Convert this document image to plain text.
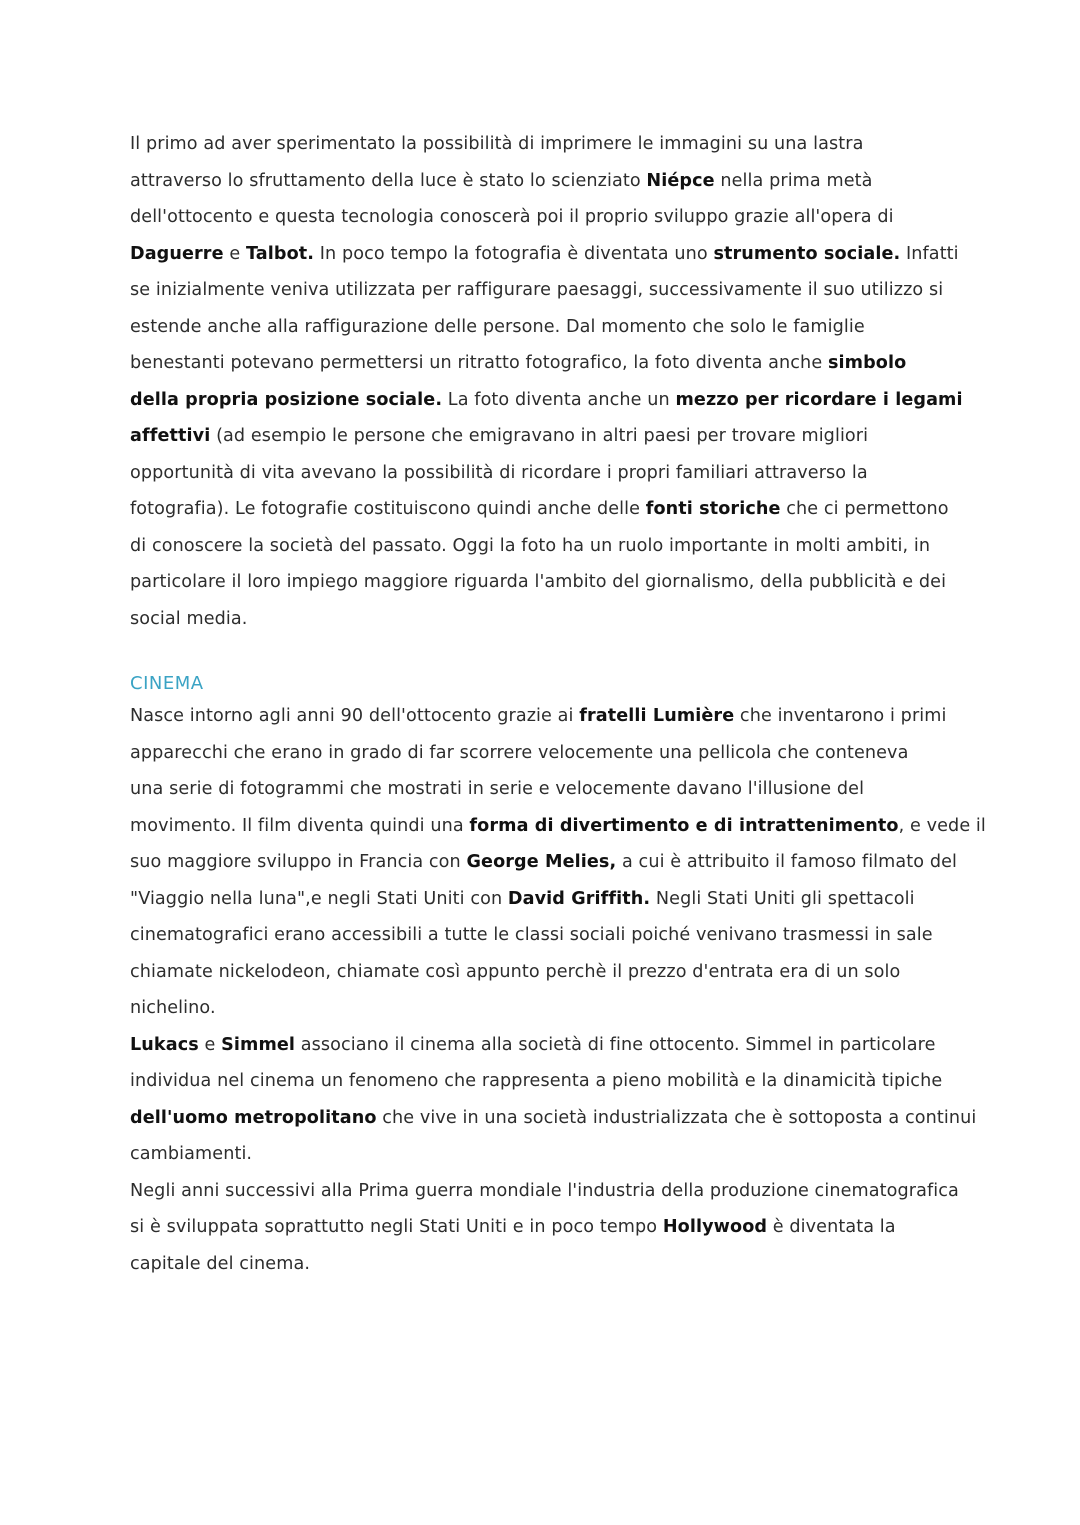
Il primo ad aver sperimentato la possibilità di imprimere le immagini su una lastra
attraverso lo sfruttamento della luce è stato lo scienziato Niépce nella prima metà
dell'ottocento e questa tecnologia conoscerà poi il proprio sviluppo grazie all'opera di
Daguerre e Talbot. In poco tempo la fotografia è diventata uno strumento sociale. Infatti
se inizialmente veniva utilizzata per raffigurare paesaggi, successivamente il suo utilizzo si
estende anche alla raffigurazione delle persone. Dal momento che solo le famiglie
benestanti potevano permettersi un ritratto fotografico, la foto diventa anche simbolo
della propria posizione sociale. La foto diventa anche un mezzo per ricordare i legami
affettivi (ad esempio le persone che emigravano in altri paesi per trovare migliori
opportunità di vita avevano la possibilità di ricordare i propri familiari attraverso la
fotografia). Le fotografie costituiscono quindi anche delle fonti storiche che ci permettono
di conoscere la società del passato. Oggi la foto ha un ruolo importante in molti ambiti, in
particolare il loro impiego maggiore riguarda l'ambito del giornalismo, della pubblicità e dei
social media.
CINEMA
Nasce intorno agli anni 90 dell'ottocento grazie ai fratelli Lumière che inventarono i primi
apparecchi che erano in grado di far scorrere velocemente una pellicola che conteneva
una serie di fotogrammi che mostrati in serie e velocemente davano l'illusione del
movimento. Il film diventa quindi una forma di divertimento e di intrattenimento, e vede il
suo maggiore sviluppo in Francia con George Melies, a cui è attribuito il famoso filmato del
"Viaggio nella luna",e negli Stati Uniti con David Griffith. Negli Stati Uniti gli spettacoli
cinematografici erano accessibili a tutte le classi sociali poiché venivano trasmessi in sale
chiamate nickelodeon, chiamate così appunto perchè il prezzo d'entrata era di un solo
nichelino.
Lukacs e Simmel associano il cinema alla società di fine ottocento. Simmel in particolare
individua nel cinema un fenomeno che rappresenta a pieno mobilità e la dinamicità tipiche
dell'uomo metropolitano che vive in una società industrializzata che è sottoposta a continui
cambiamenti.
Negli anni successivi alla Prima guerra mondiale l'industria della produzione cinematografica
si è sviluppata soprattutto negli Stati Uniti e in poco tempo Hollywood è diventata la
capitale del cinema.
